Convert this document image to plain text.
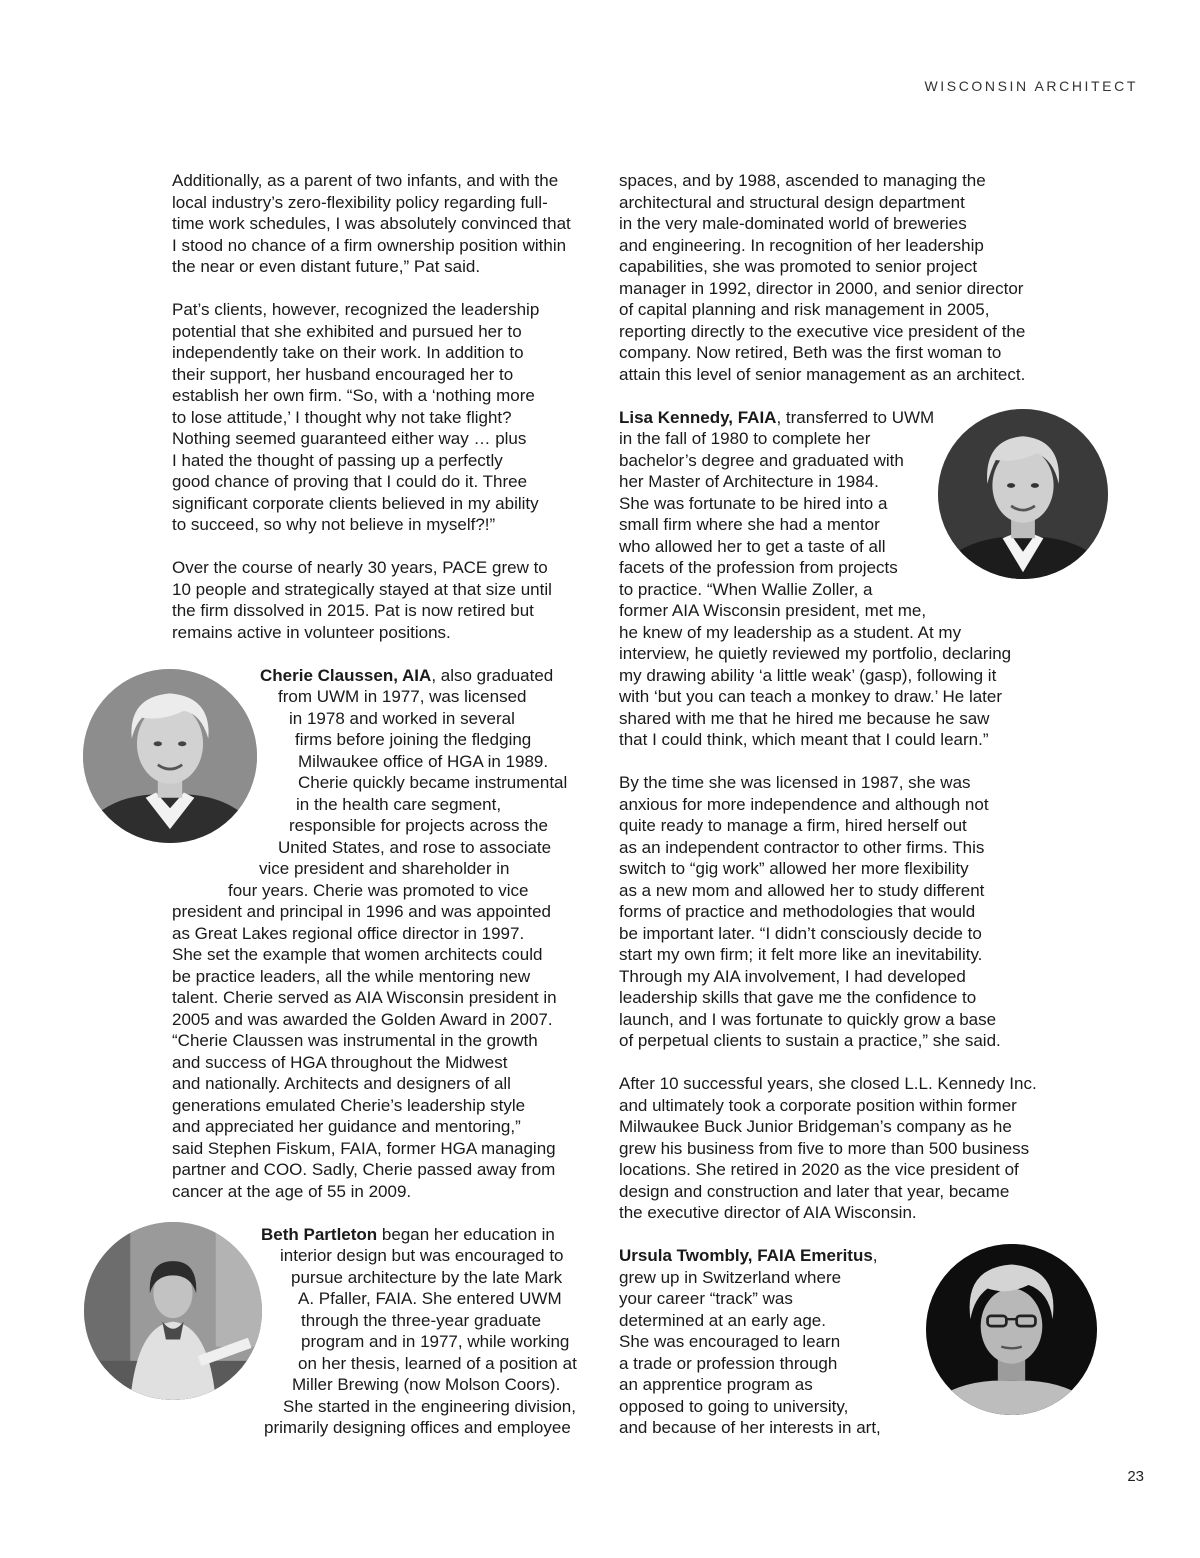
WISCONSIN ARCHITECT
Additionally, as a parent of two infants, and with the
local industry’s zero-flexibility policy regarding full-
time work schedules, I was absolutely convinced that
I stood no chance of a firm ownership position within
the near or even distant future,” Pat said.
Pat’s clients, however, recognized the leadership
potential that she exhibited and pursued her to
independently take on their work. In addition to
their support, her husband encouraged her to
establish her own firm. “So, with a ‘nothing more
to lose attitude,’ I thought why not take flight?
Nothing seemed guaranteed either way … plus
I hated the thought of passing up a perfectly
good chance of proving that I could do it. Three
significant corporate clients believed in my ability
to succeed, so why not believe in myself?!”
Over the course of nearly 30 years, PACE grew to
10 people and strategically stayed at that size until
the firm dissolved in 2015. Pat is now retired but
remains active in volunteer positions.
Cherie Claussen, AIA, also graduated
from UWM in 1977, was licensed
in 1978 and worked in several
firms before joining the fledging
Milwaukee office of HGA in 1989.
Cherie quickly became instrumental
in the health care segment,
responsible for projects across the
United States, and rose to associate
vice president and shareholder in
four years. Cherie was promoted to vice
president and principal in 1996 and was appointed
as Great Lakes regional office director in 1997.
She set the example that women architects could
be practice leaders, all the while mentoring new
talent. Cherie served as AIA Wisconsin president in
2005 and was awarded the Golden Award in 2007.
“Cherie Claussen was instrumental in the growth
and success of HGA throughout the Midwest
and nationally. Architects and designers of all
generations emulated Cherie’s leadership style
and appreciated her guidance and mentoring,”
said Stephen Fiskum, FAIA, former HGA managing
partner and COO. Sadly, Cherie passed away from
cancer at the age of 55 in 2009.
Beth Partleton began her education in
interior design but was encouraged to
pursue architecture by the late Mark
A. Pfaller, FAIA. She entered UWM
through the three-year graduate
program and in 1977, while working
on her thesis, learned of a position at
Miller Brewing (now Molson Coors).
She started in the engineering division,
primarily designing offices and employee
spaces, and by 1988, ascended to managing the
architectural and structural design department
in the very male-dominated world of breweries
and engineering. In recognition of her leadership
capabilities, she was promoted to senior project
manager in 1992, director in 2000, and senior director
of capital planning and risk management in 2005,
reporting directly to the executive vice president of the
company. Now retired, Beth was the first woman to
attain this level of senior management as an architect.
Lisa Kennedy, FAIA, transferred to UWM
in the fall of 1980 to complete her
bachelor’s degree and graduated with
her Master of Architecture in 1984.
She was fortunate to be hired into a
small firm where she had a mentor
who allowed her to get a taste of all
facets of the profession from projects
to practice. “When Wallie Zoller, a
former AIA Wisconsin president, met me,
he knew of my leadership as a student. At my
interview, he quietly reviewed my portfolio, declaring
my drawing ability ‘a little weak’ (gasp), following it
with ‘but you can teach a monkey to draw.’ He later
shared with me that he hired me because he saw
that I could think, which meant that I could learn.”
By the time she was licensed in 1987, she was
anxious for more independence and although not
quite ready to manage a firm, hired herself out
as an independent contractor to other firms. This
switch to “gig work” allowed her more flexibility
as a new mom and allowed her to study different
forms of practice and methodologies that would
be important later. “I didn’t consciously decide to
start my own firm; it felt more like an inevitability.
Through my AIA involvement, I had developed
leadership skills that gave me the confidence to
launch, and I was fortunate to quickly grow a base
of perpetual clients to sustain a practice,” she said.
After 10 successful years, she closed L.L. Kennedy Inc.
and ultimately took a corporate position within former
Milwaukee Buck Junior Bridgeman’s company as he
grew his business from five to more than 500 business
locations. She retired in 2020 as the vice president of
design and construction and later that year, became
the executive director of AIA Wisconsin.
Ursula Twombly, FAIA Emeritus,
grew up in Switzerland where
your career “track” was
determined at an early age.
She was encouraged to learn
a trade or profession through
an apprentice program as
opposed to going to university,
and because of her interests in art,
23
